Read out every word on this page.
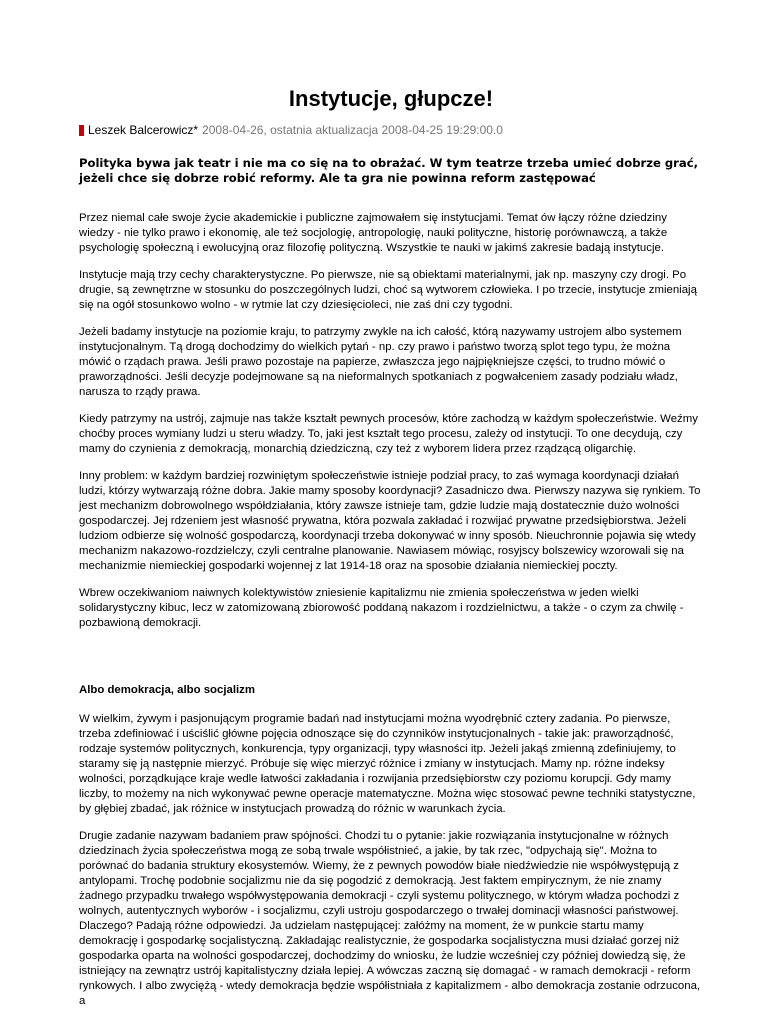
Instytucje, głupcze!
Leszek Balcerowicz* 2008-04-26, ostatnia aktualizacja 2008-04-25 19:29:00.0

Polityka bywa jak teatr i nie ma co się na to obrażać. W tym teatrze trzeba umieć dobrze grać, jeżeli chce się dobrze robić reformy. Ale ta gra nie powinna reform zastępować

Przez niemal całe swoje życie akademickie i publiczne zajmowałem się instytucjami. Temat ów łączy różne dziedziny wiedzy - nie tylko prawo i ekonomię, ale też socjologię, antropologię, nauki polityczne, historię porównawczą, a także psychologię społeczną i ewolucyjną oraz filozofię polityczną. Wszystkie te nauki w jakimś zakresie badają instytucje.

Instytucje mają trzy cechy charakterystyczne. Po pierwsze, nie są obiektami materialnymi, jak np. maszyny czy drogi. Po drugie, są zewnętrzne w stosunku do poszczególnych ludzi, choć są wytworem człowieka. I po trzecie, instytucje zmieniają się na ogół stosunkowo wolno - w rytmie lat czy dziesięcioleci, nie zaś dni czy tygodni.

Jeżeli badamy instytucje na poziomie kraju, to patrzymy zwykle na ich całość, którą nazywamy ustrojem albo systemem instytucjonalnym. Tą drogą dochodzimy do wielkich pytań - np. czy prawo i państwo tworzą splot tego typu, że można mówić o rządach prawa. Jeśli prawo pozostaje na papierze, zwłaszcza jego najpiękniejsze części, to trudno mówić o praworządności. Jeśli decyzje podejmowane są na nieformalnych spotkaniach z pogwałceniem zasady podziału władz, narusza to rządy prawa.

Kiedy patrzymy na ustrój, zajmuje nas także kształt pewnych procesów, które zachodzą w każdym społeczeństwie. Weźmy choćby proces wymiany ludzi u steru władzy. To, jaki jest kształt tego procesu, zależy od instytucji. To one decydują, czy mamy do czynienia z demokracją, monarchią dziedziczną, czy też z wyborem lidera przez rządzącą oligarchię.

Inny problem: w każdym bardziej rozwiniętym społeczeństwie istnieje podział pracy, to zaś wymaga koordynacji działań ludzi, którzy wytwarzają różne dobra. Jakie mamy sposoby koordynacji? Zasadniczo dwa. Pierwszy nazywa się rynkiem. To jest mechanizm dobrowolnego współdziałania, który zawsze istnieje tam, gdzie ludzie mają dostatecznie dużo wolności gospodarczej. Jej rdzeniem jest własność prywatna, która pozwala zakładać i rozwijać prywatne przedsiębiorstwa. Jeżeli ludziom odbierze się wolność gospodarczą, koordynacji trzeba dokonywać w inny sposób. Nieuchronnie pojawia się wtedy mechanizm nakazowo-rozdzielczy, czyli centralne planowanie. Nawiasem mówiąc, rosyjscy bolszewicy wzorowali się na mechanizmie niemieckiej gospodarki wojennej z lat 1914-18 oraz na sposobie działania niemieckiej poczty.

Wbrew oczekiwaniom naiwnych kolektywistów zniesienie kapitalizmu nie zmienia społeczeństwa w jeden wielki solidarystyczny kibuc, lecz w zatomizowaną zbiorowość poddaną nakazom i rozdzielnictwu, a także - o czym za chwilę - pozbawioną demokracji.

Albo demokracja, albo socjalizm

W wielkim, żywym i pasjonującym programie badań nad instytucjami można wyodrębnić cztery zadania. Po pierwsze, trzeba zdefiniować i uściślić główne pojęcia odnoszące się do czynników instytucjonalnych - takie jak: praworządność, rodzaje systemów politycznych, konkurencja, typy organizacji, typy własności itp. Jeżeli jakąś zmienną zdefiniujemy, to staramy się ją następnie mierzyć. Próbuje się więc mierzyć różnice i zmiany w instytucjach. Mamy np. różne indeksy wolności, porządkujące kraje wedle łatwości zakładania i rozwijania przedsiębiorstw czy poziomu korupcji. Gdy mamy liczby, to możemy na nich wykonywać pewne operacje matematyczne. Można więc stosować pewne techniki statystyczne, by głębiej zbadać, jak różnice w instytucjach prowadzą do różnic w warunkach życia.

Drugie zadanie nazywam badaniem praw spójności. Chodzi tu o pytanie: jakie rozwiązania instytucjonalne w różnych dziedzinach życia społeczeństwa mogą ze sobą trwale współistnieć, a jakie, by tak rzec, "odpychają się". Można to porównać do badania struktury ekosystemów. Wiemy, że z pewnych powodów białe niedźwiedzie nie współwystępują z antylopami. Trochę podobnie socjalizmu nie da się pogodzić z demokracją. Jest faktem empirycznym, że nie znamy żadnego przypadku trwałego współwystępowania demokracji - czyli systemu politycznego, w którym władza pochodzi z wolnych, autentycznych wyborów - i socjalizmu, czyli ustroju gospodarczego o trwałej dominacji własności państwowej. Dlaczego? Padają różne odpowiedzi. Ja udzielam następującej: załóżmy na moment, że w punkcie startu mamy demokrację i gospodarkę socjalistyczną. Zakładając realistycznie, że gospodarka socjalistyczna musi działać gorzej niż gospodarka oparta na wolności gospodarczej, dochodzimy do wniosku, że ludzie wcześniej czy później dowiedzą się, że istniejący na zewnątrz ustrój kapitalistyczny działa lepiej. A wówczas zaczną się domagać - w ramach demokracji - reform rynkowych. I albo zwyciężą - wtedy demokracja będzie współistniała z kapitalizmem - albo demokracja zostanie odrzucona, a
